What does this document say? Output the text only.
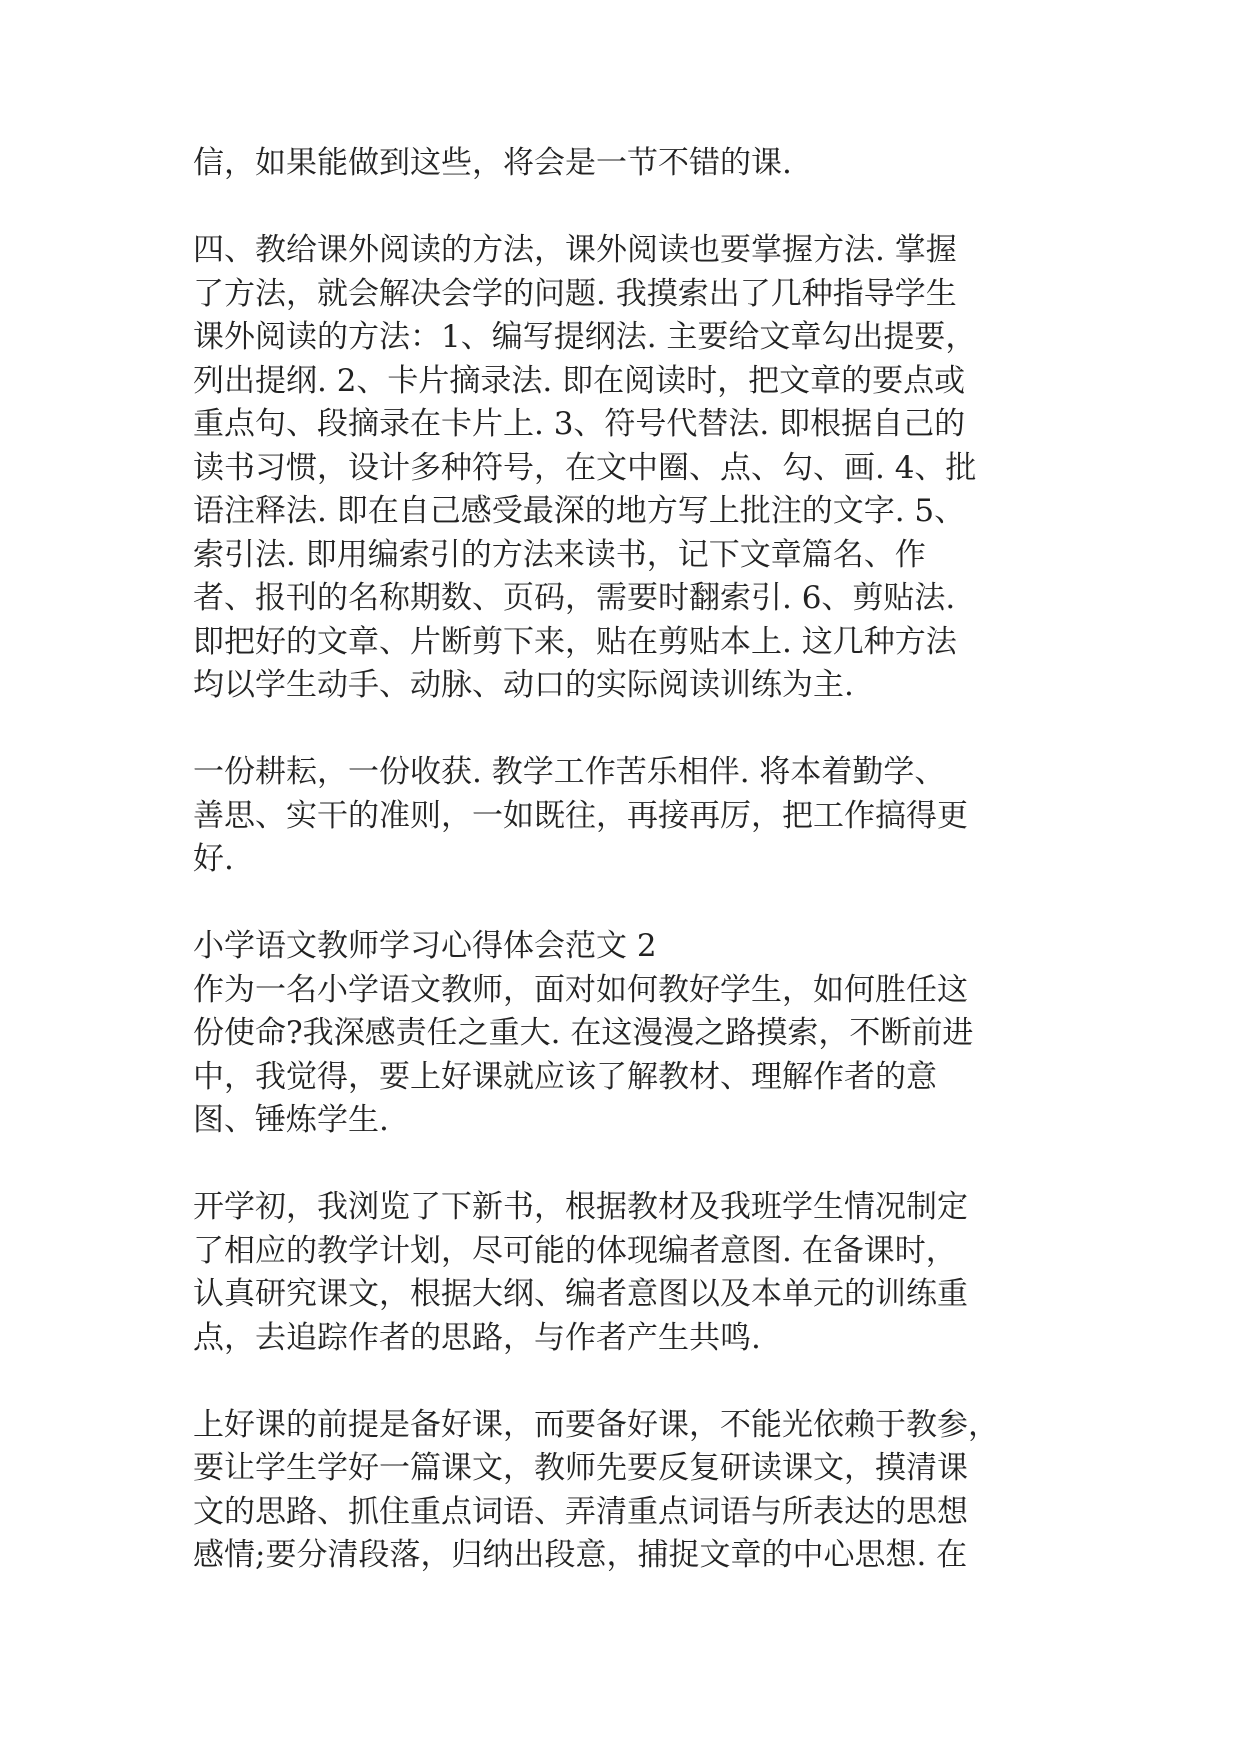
信，如果能做到这些，将会是一节不错的课.
四、教给课外阅读的方法，课外阅读也要掌握方法. 掌握
了方法，就会解决会学的问题. 我摸索出了几种指导学生
课外阅读的方法：1、编写提纲法. 主要给文章勾出提要，
列出提纲. 2、卡片摘录法. 即在阅读时，把文章的要点或
重点句、段摘录在卡片上. 3、符号代替法. 即根据自己的
读书习惯，设计多种符号，在文中圈、点、勾、画. 4、批
语注释法. 即在自己感受最深的地方写上批注的文字. 5、
索引法. 即用编索引的方法来读书，记下文章篇名、作
者、报刊的名称期数、页码，需要时翻索引. 6、剪贴法.
即把好的文章、片断剪下来，贴在剪贴本上. 这几种方法
均以学生动手、动脉、动口的实际阅读训练为主.
一份耕耘，一份收获. 教学工作苦乐相伴. 将本着勤学、
善思、实干的准则，一如既往，再接再厉，把工作搞得更
好.
小学语文教师学习心得体会范文 2
作为一名小学语文教师，面对如何教好学生，如何胜任这
份使命?我深感责任之重大. 在这漫漫之路摸索，不断前进
中，我觉得，要上好课就应该了解教材、理解作者的意
图、锤炼学生.
开学初，我浏览了下新书，根据教材及我班学生情况制定
了相应的教学计划，尽可能的体现编者意图. 在备课时，
认真研究课文，根据大纲、编者意图以及本单元的训练重
点，去追踪作者的思路，与作者产生共鸣.
上好课的前提是备好课，而要备好课，不能光依赖于教参，
要让学生学好一篇课文，教师先要反复研读课文，摸清课
文的思路、抓住重点词语、弄清重点词语与所表达的思想
感情;要分清段落，归纳出段意，捕捉文章的中心思想. 在
